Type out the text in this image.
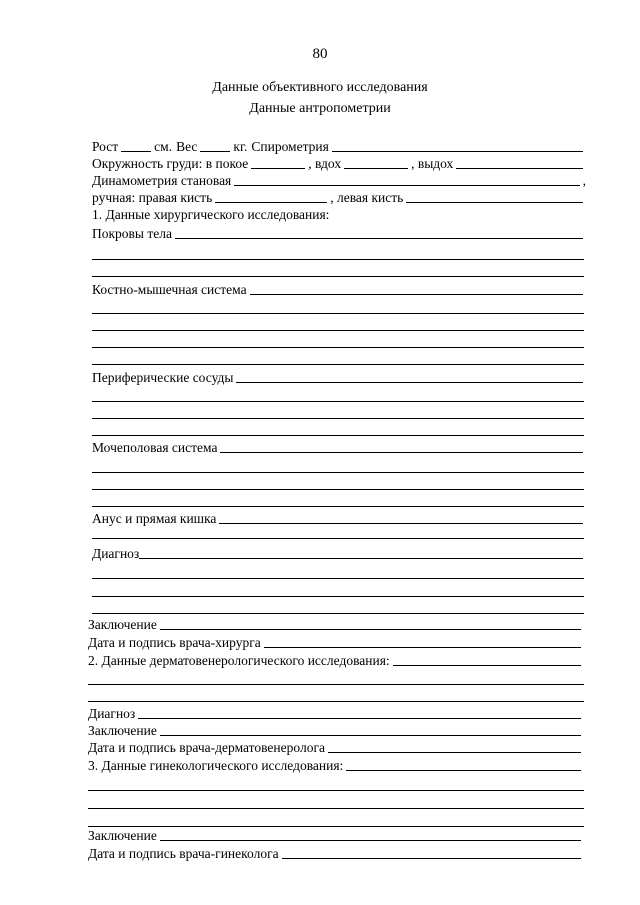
80
Данные объективного исследования
Данные антропометрии
Рост	см. Вес	кг. Спирометрия
Окружность груди: в покое	, вдох	, выдох
Динамометрия становая	,
ручная: правая кисть	, левая кисть
1. Данные хирургического исследования:
Покровы тела
Костно-мышечная система
Периферические сосуды
Мочеполовая система
Анус и прямая кишка
Диагноз
Заключение
Дата и подпись врача-хирурга
2. Данные дерматовенерологического исследования:
Диагноз
Заключение
Дата и подпись врача-дерматовенеролога
3. Данные гинекологического исследования:
Заключение
Дата и подпись врача-гинеколога
